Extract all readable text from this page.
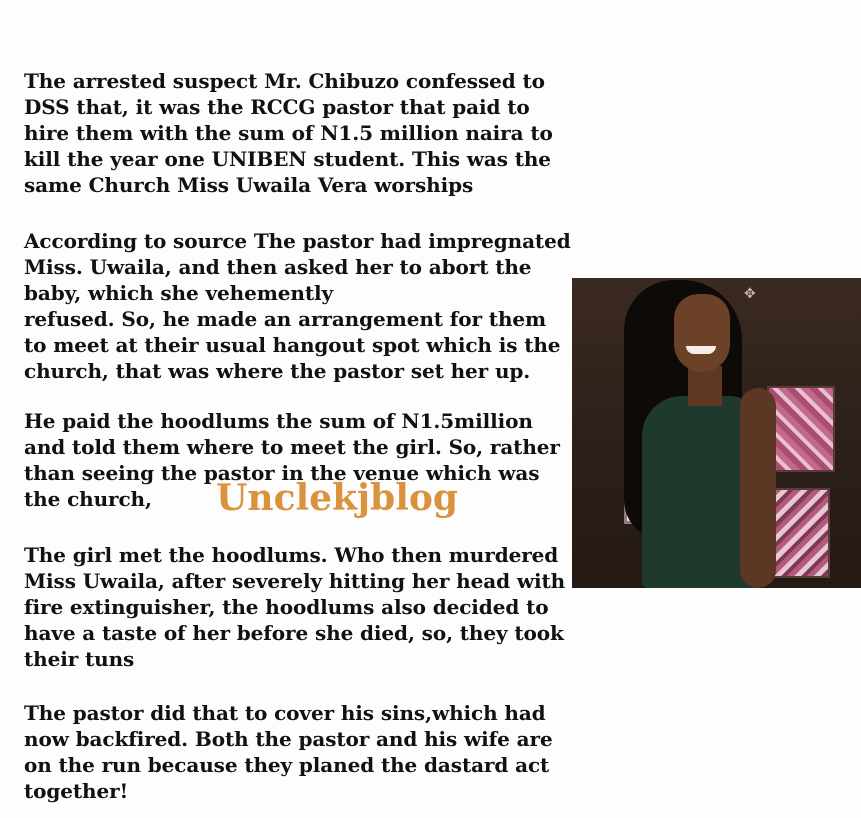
The arrested suspect Mr. Chibuzo confessed to
DSS that, it was the RCCG pastor that paid to
hire them with the sum of N1.5 million naira to
kill the year one UNIBEN student. This was the
same Church Miss Uwaila Vera worships

According to source The pastor had impregnated
Miss. Uwaila, and then asked her to abort the
baby, which she vehemently
refused. So, he made an arrangement for them
to meet at their usual hangout spot which is the
church, that was where the pastor set her up.

He paid the hoodlums the sum of N1.5million
and told them where to meet the girl. So, rather
than seeing the pastor in the venue which was
the church,

The girl met the hoodlums. Who then murdered
Miss Uwaila, after severely hitting her head with
fire extinguisher, the hoodlums also decided to
have a taste of her before she died, so, they took
their tuns

The pastor did that to cover his sins,which had
now backfired. Both the pastor and his wife are
on the run because they planed the dastard act
together!

✥

Unclekjblog
